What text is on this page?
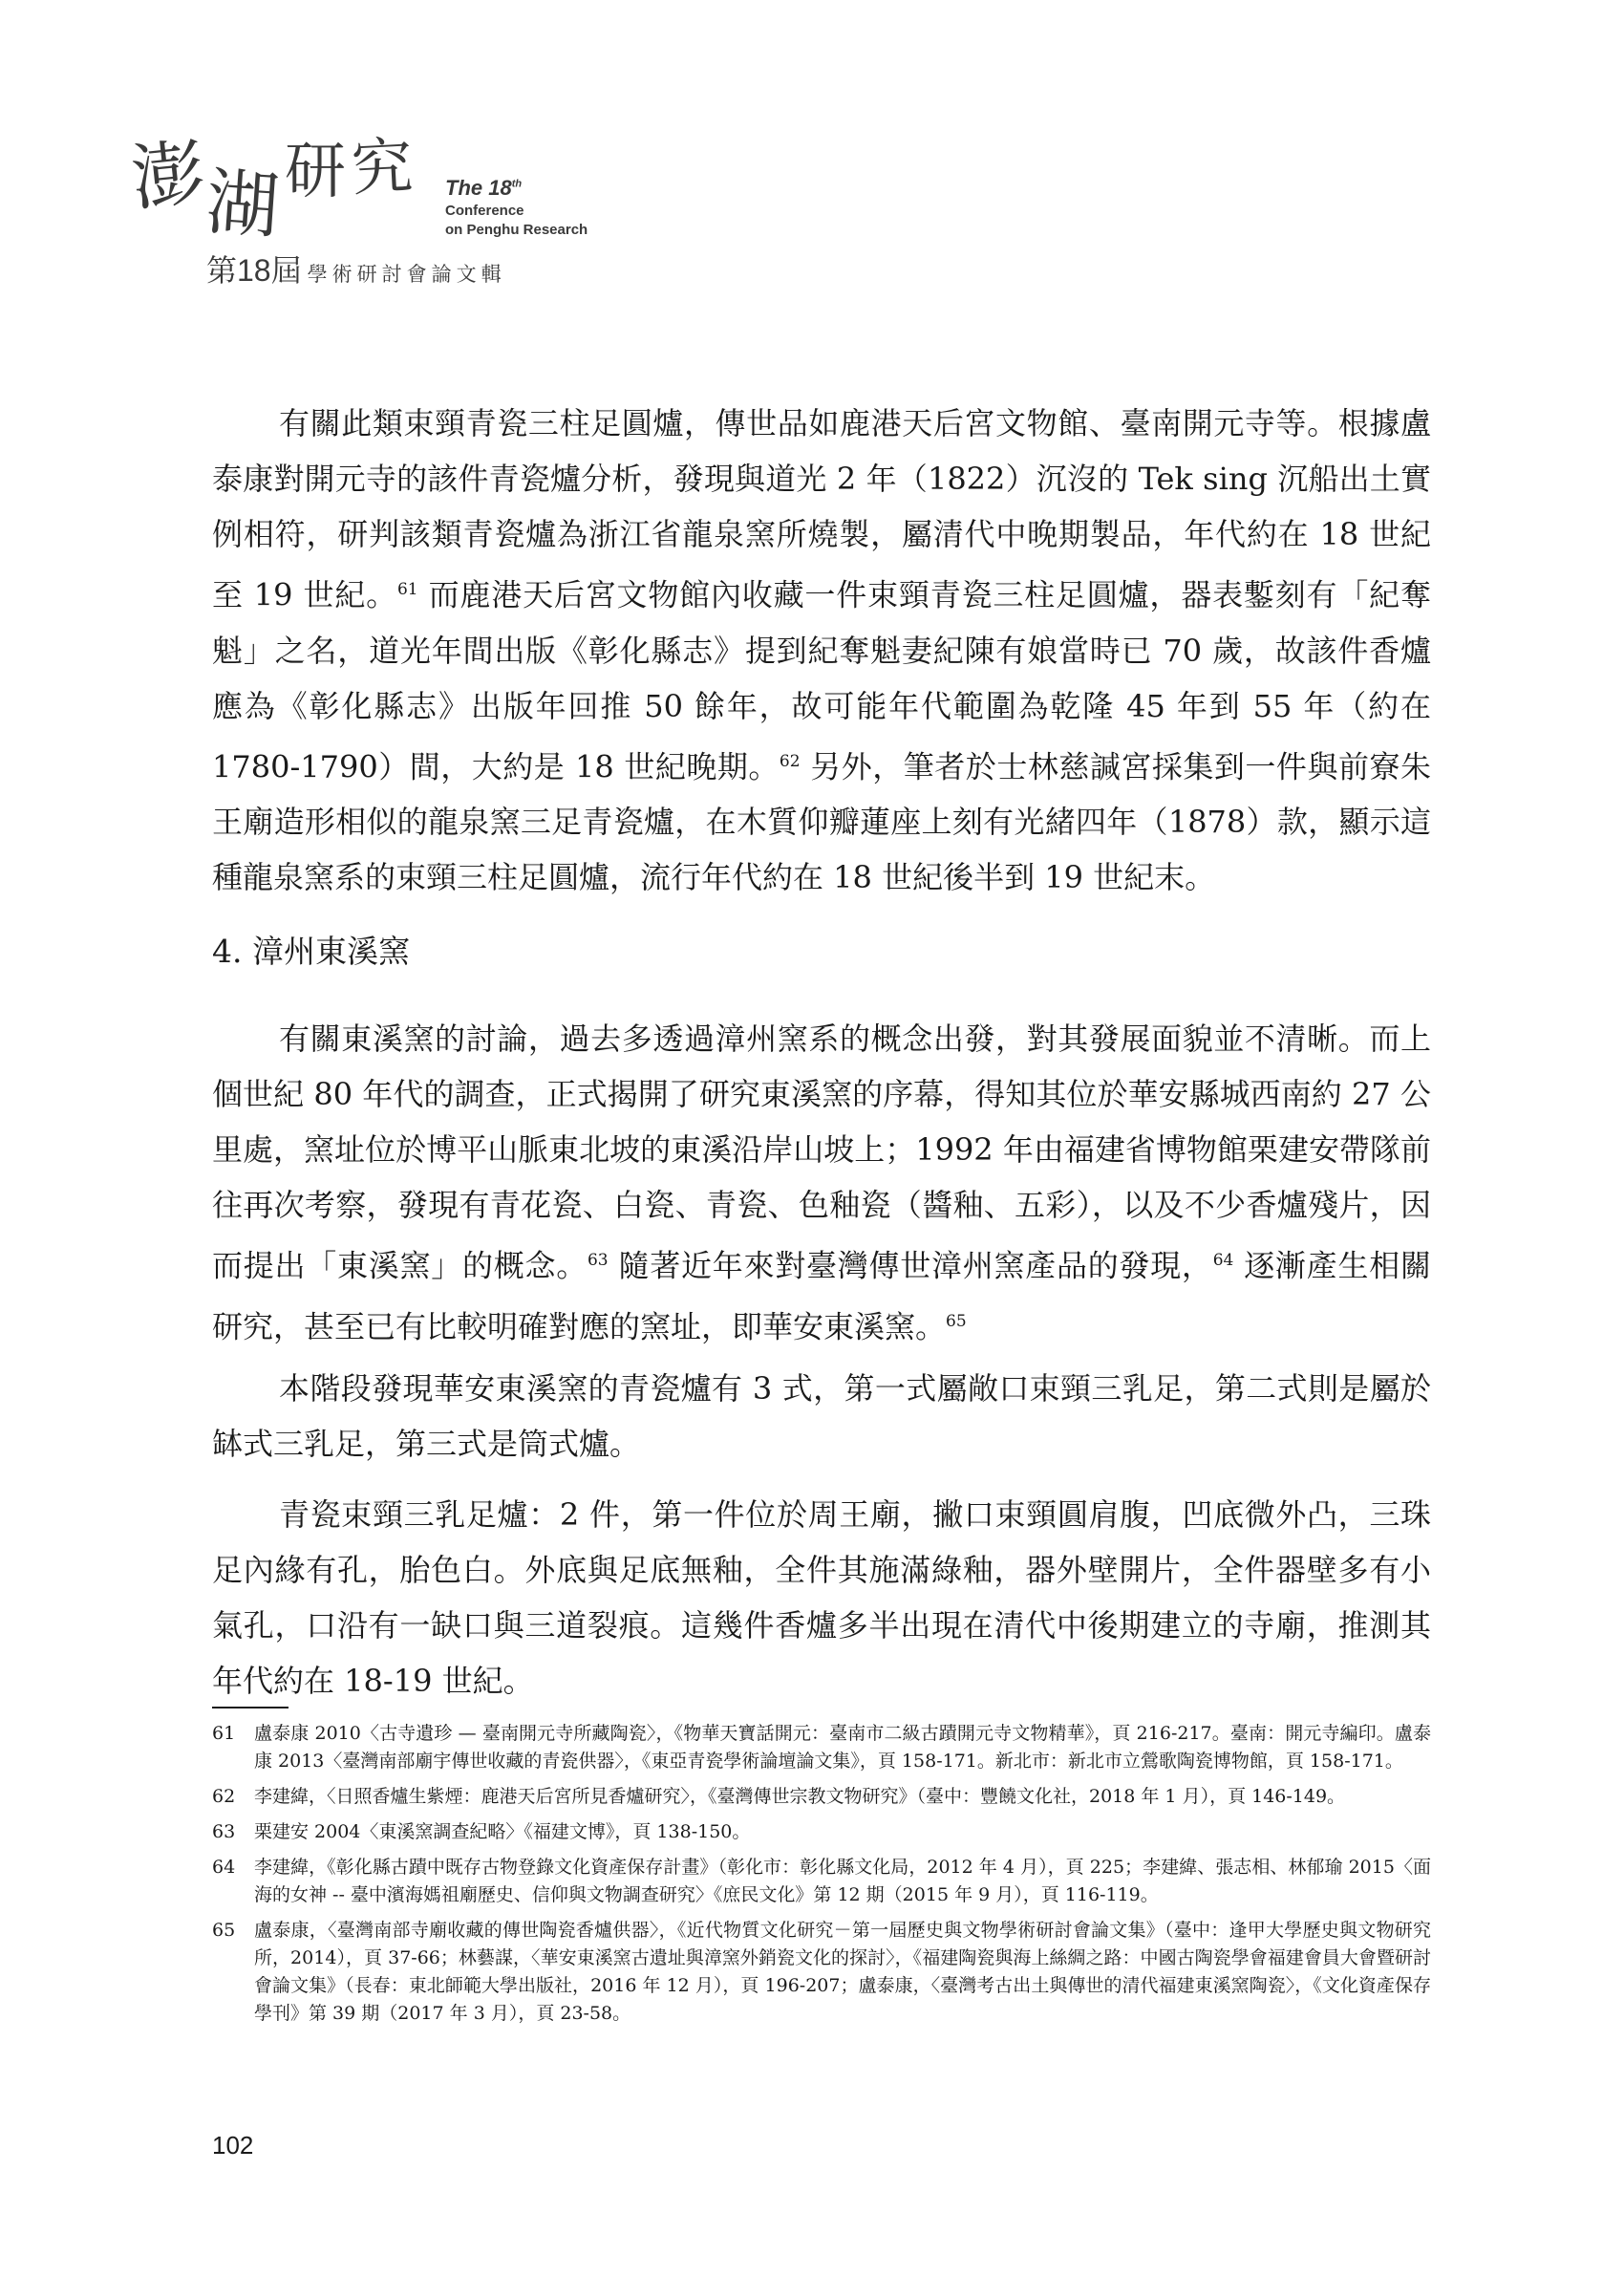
澎
湖 研 究 The 18th
Conference
on Penghu Research
第18屆 學術研討會論文輯

有關此類束頸青瓷三柱足圓爐，傳世品如鹿港天后宮文物館、臺南開元寺等。根據盧泰康對開元寺的該件青瓷爐分析，發現與道光 2 年（1822）沉沒的 Tek sing 沉船出土實例相符，研判該類青瓷爐為浙江省龍泉窯所燒製，屬清代中晚期製品，年代約在 18 世紀至 19 世紀。$^{61}$ 而鹿港天后宮文物館內收藏一件束頸青瓷三柱足圓爐，器表鏨刻有「紀奪魁」之名，道光年間出版《彰化縣志》提到紀奪魁妻紀陳有娘當時已 70 歲，故該件香爐應為《彰化縣志》出版年回推 50 餘年，故可能年代範圍為乾隆 45 年到 55 年（約在 1780-1790）間，大約是 18 世紀晚期。$^{62}$ 另外，筆者於士林慈諴宮採集到一件與前寮朱王廟造形相似的龍泉窯三足青瓷爐，在木質仰瓣蓮座上刻有光緒四年（1878）款，顯示這種龍泉窯系的束頸三柱足圓爐，流行年代約在 18 世紀後半到 19 世紀末。

4. 漳州東溪窯

有關東溪窯的討論，過去多透過漳州窯系的概念出發，對其發展面貌並不清晰。而上個世紀 80 年代的調查，正式揭開了研究東溪窯的序幕，得知其位於華安縣城西南約 27 公里處，窯址位於博平山脈東北坡的東溪沿岸山坡上；1992 年由福建省博物館栗建安帶隊前往再次考察，發現有青花瓷、白瓷、青瓷、色釉瓷（醬釉、五彩），以及不少香爐殘片，因而提出「東溪窯」的概念。$^{63}$ 隨著近年來對臺灣傳世漳州窯產品的發現，$^{64}$ 逐漸產生相關研究，甚至已有比較明確對應的窯址，即華安東溪窯。$^{65}$

本階段發現華安東溪窯的青瓷爐有 3 式，第一式屬敞口束頸三乳足，第二式則是屬於缽式三乳足，第三式是筒式爐。

青瓷束頸三乳足爐：2 件，第一件位於周王廟，撇口束頸圓肩腹，凹底微外凸，三珠足內緣有孔，胎色白。外底與足底無釉，全件其施滿綠釉，器外壁開片，全件器壁多有小氣孔，口沿有一缺口與三道裂痕。這幾件香爐多半出現在清代中後期建立的寺廟，推測其年代約在 18-19 世紀。

61	盧泰康 2010〈古寺遺珍 — 臺南開元寺所藏陶瓷〉，《物華天寶話開元：臺南市二級古蹟開元寺文物精華》，頁 216-217。臺南：開元寺編印。盧泰康 2013〈臺灣南部廟宇傳世收藏的青瓷供器〉，《東亞青瓷學術論壇論文集》，頁 158-171。新北市：新北市立鶯歌陶瓷博物館，頁 158-171。
62	李建緯，〈日照香爐生紫煙：鹿港天后宮所見香爐研究〉，《臺灣傳世宗教文物研究》（臺中：豐饒文化社，2018 年 1 月），頁 146-149。
63	栗建安 2004〈東溪窯調查紀略〉《福建文博》，頁 138-150。
64	李建緯，《彰化縣古蹟中既存古物登錄文化資產保存計畫》（彰化市：彰化縣文化局，2012 年 4 月），頁 225；李建緯、張志相、林郁瑜 2015〈面海的女神 -- 臺中濱海媽祖廟歷史、信仰與文物調查研究〉《庶民文化》第 12 期（2015 年 9 月），頁 116-119。
65	盧泰康，〈臺灣南部寺廟收藏的傳世陶瓷香爐供器〉，《近代物質文化研究－第一屆歷史與文物學術研討會論文集》（臺中：逢甲大學歷史與文物研究所，2014），頁 37-66；林藝謀，〈華安東溪窯古遺址與漳窯外銷瓷文化的探討〉，《福建陶瓷與海上絲綢之路：中國古陶瓷學會福建會員大會暨研討會論文集》（長春：東北師範大學出版社，2016 年 12 月），頁 196-207；盧泰康，〈臺灣考古出土與傳世的清代福建東溪窯陶瓷〉，《文化資產保存學刊》第 39 期（2017 年 3 月），頁 23-58。
102
